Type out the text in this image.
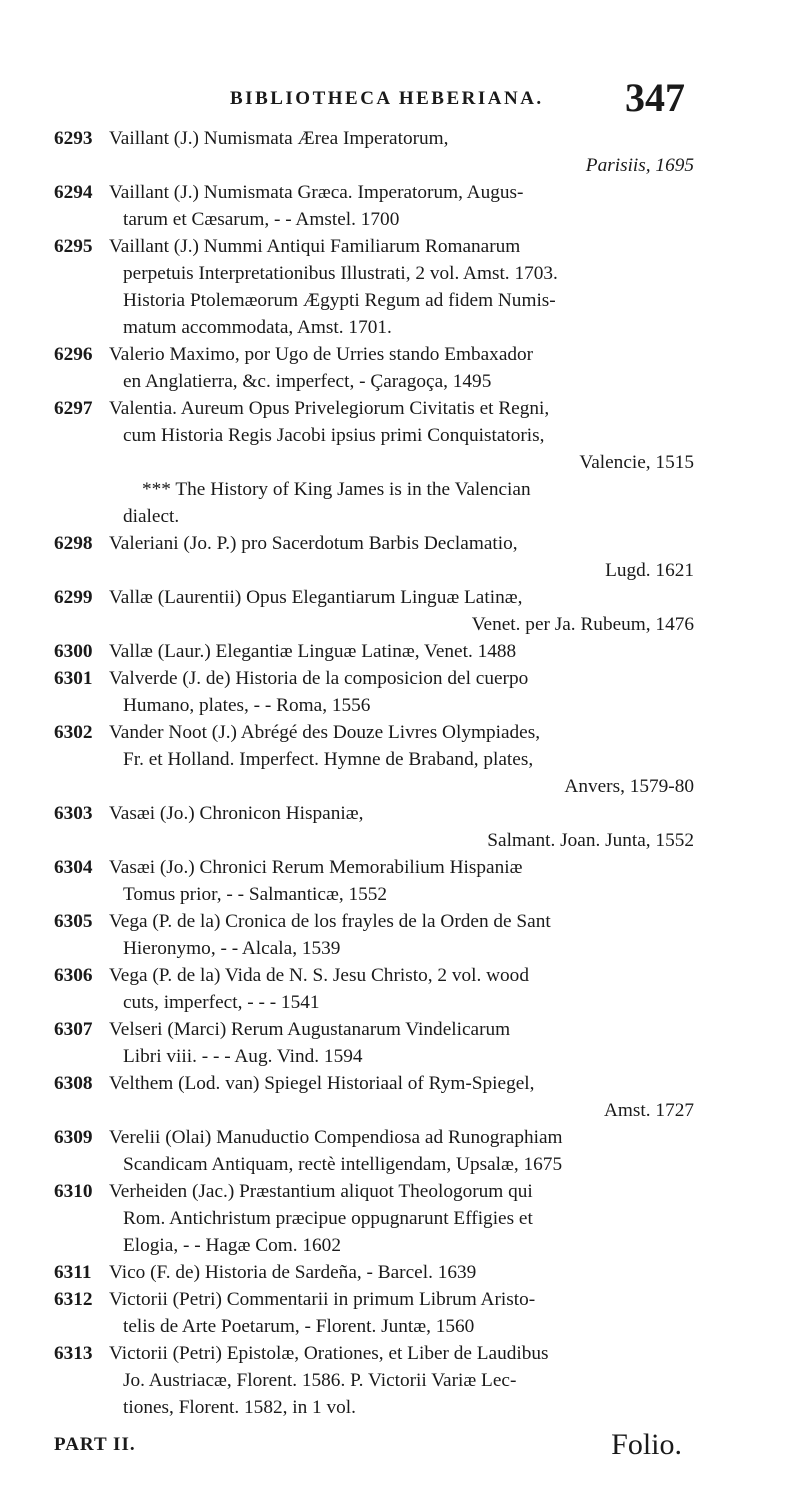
BIBLIOTHECA HEBERIANA. 347
6293 Vaillant (J.) Numismata Ærea Imperatorum,
Parisiis, 1695
6294 Vaillant (J.) Numismata Græca. Imperatorum, Augus-
tarum et Cæsarum, - - Amstel. 1700
6295 Vaillant (J.) Nummi Antiqui Familiarum Romanarum
perpetuis Interpretationibus Illustrati, 2 vol. Amst. 1703.
Historia Ptolemæorum Ægypti Regum ad fidem Numis-
matum accommodata, Amst. 1701.
6296 Valerio Maximo, por Ugo de Urries stando Embaxador
en Anglatierra, &c. imperfect, - Çaragoça, 1495
6297 Valentia. Aureum Opus Privelegiorum Civitatis et Regni,
cum Historia Regis Jacobi ipsius primi Conquistatoris,
Valencie, 1515
*** The History of King James is in the Valencian
dialect.
6298 Valeriani (Jo. P.) pro Sacerdotum Barbis Declamatio,
Lugd. 1621
6299 Vallæ (Laurentii) Opus Elegantiarum Linguæ Latinæ,
Venet. per Ja. Rubeum, 1476
6300 Vallæ (Laur.) Elegantiæ Linguæ Latinæ, Venet. 1488
6301 Valverde (J. de) Historia de la composicion del cuerpo
Humano, plates, - - Roma, 1556
6302 Vander Noot (J.) Abrégé des Douze Livres Olympiades,
Fr. et Holland. Imperfect. Hymne de Braband, plates,
Anvers, 1579-80
6303 Vasæi (Jo.) Chronicon Hispaniæ,
Salmant. Joan. Junta, 1552
6304 Vasæi (Jo.) Chronici Rerum Memorabilium Hispaniæ
Tomus prior, - - Salmanticæ, 1552
6305 Vega (P. de la) Cronica de los frayles de la Orden de Sant
Hieronymo, - - Alcala, 1539
6306 Vega (P. de la) Vida de N. S. Jesu Christo, 2 vol. wood
cuts, imperfect, - - - 1541
6307 Velseri (Marci) Rerum Augustanarum Vindelicarum
Libri viii. - - - Aug. Vind. 1594
6308 Velthem (Lod. van) Spiegel Historiaal of Rym-Spiegel,
Amst. 1727
6309 Verelii (Olai) Manuductio Compendiosa ad Runographiam
Scandicam Antiquam, rectè intelligendam, Upsalæ, 1675
6310 Verheiden (Jac.) Præstantium aliquot Theologorum qui
Rom. Antichristum præcipue oppugnarunt Effigies et
Elogia, - - Hagæ Com. 1602
6311 Vico (F. de) Historia de Sardeña, - Barcel. 1639
6312 Victorii (Petri) Commentarii in primum Librum Aristo-
telis de Arte Poetarum, - Florent. Juntæ, 1560
6313 Victorii (Petri) Epistolæ, Orationes, et Liber de Laudibus
Jo. Austriacæ, Florent. 1586. P. Victorii Variæ Lec-
tiones, Florent. 1582, in 1 vol.
PART II.	Folio.
